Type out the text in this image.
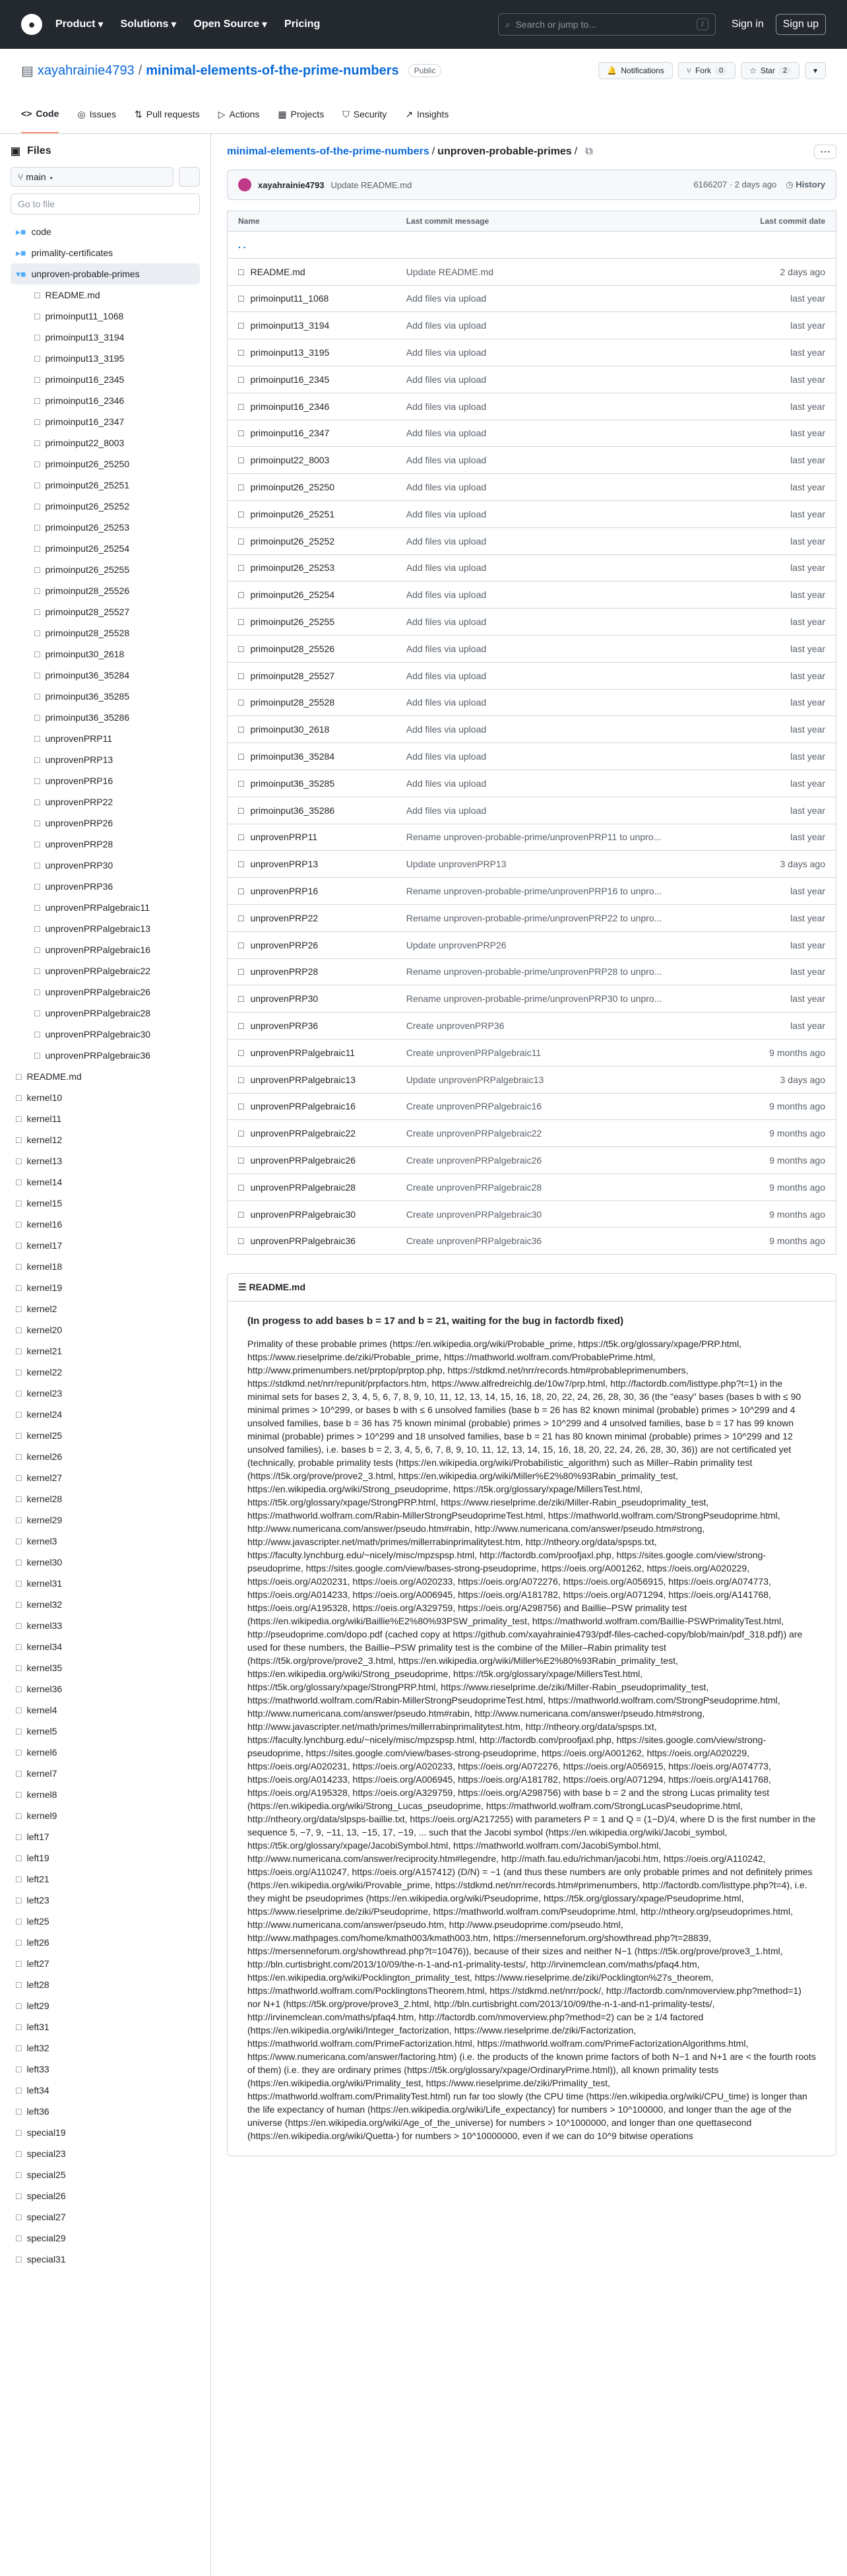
●	Product ▾ Solutions ▾ Open Source ▾ Pricing	⌕ Search or jump to...	/	Sign in	Sign up
▤ xayahrainie4793 / minimal-elements-of-the-prime-numbers	Public	🔔 Notifications	⑂ Fork	0	☆ Star	2	▾
<> Code ◎ Issues ⇅ Pull requests ▷ Actions ▦ Projects ⛉ Security ↗ Insights
▣ Files
⑂ main ▾
Go to file
▸■ code
▸■ primality-certificates
▾■ unproven-probable-primes
□ README.md
□ primoinput11_1068
□ primoinput13_3194
□ primoinput13_3195
□ primoinput16_2345
□ primoinput16_2346
□ primoinput16_2347
□ primoinput22_8003
□ primoinput26_25250
□ primoinput26_25251
□ primoinput26_25252
□ primoinput26_25253
□ primoinput26_25254
□ primoinput26_25255
□ primoinput28_25526
□ primoinput28_25527
□ primoinput28_25528
□ primoinput30_2618
□ primoinput36_35284
□ primoinput36_35285
□ primoinput36_35286
□ unprovenPRP11
□ unprovenPRP13
□ unprovenPRP16
□ unprovenPRP22
□ unprovenPRP26
□ unprovenPRP28
□ unprovenPRP30
□ unprovenPRP36
□ unprovenPRPalgebraic11
□ unprovenPRPalgebraic13
□ unprovenPRPalgebraic16
□ unprovenPRPalgebraic22
□ unprovenPRPalgebraic26
□ unprovenPRPalgebraic28
□ unprovenPRPalgebraic30
□ unprovenPRPalgebraic36
□ README.md
□ kernel10
□ kernel11
□ kernel12
□ kernel13
□ kernel14
□ kernel15
□ kernel16
□ kernel17
□ kernel18
□ kernel19
□ kernel2
□ kernel20
□ kernel21
□ kernel22
□ kernel23
□ kernel24
□ kernel25
□ kernel26
□ kernel27
□ kernel28
□ kernel29
□ kernel3
□ kernel30
□ kernel31
□ kernel32
□ kernel33
□ kernel34
□ kernel35
□ kernel36
□ kernel4
□ kernel5
□ kernel6
□ kernel7
□ kernel8
□ kernel9
□ left17
□ left19
□ left21
□ left23
□ left25
□ left26
□ left27
□ left28
□ left29
□ left31
□ left32
□ left33
□ left34
□ left36
□ special19
□ special23
□ special25
□ special26
□ special27
□ special29
□ special31
minimal-elements-of-the-prime-numbers / unproven-probable-primes / ⧉	⋯
xayahrainie4793 Update README.md	6166207 · 2 days ago ◷ History
Name	Last commit message	Last commit date
. .		
□ README.md	Update README.md	2 days ago
□ primoinput11_1068	Add files via upload	last year
□ primoinput13_3194	Add files via upload	last year
□ primoinput13_3195	Add files via upload	last year
□ primoinput16_2345	Add files via upload	last year
□ primoinput16_2346	Add files via upload	last year
□ primoinput16_2347	Add files via upload	last year
□ primoinput22_8003	Add files via upload	last year
□ primoinput26_25250	Add files via upload	last year
□ primoinput26_25251	Add files via upload	last year
□ primoinput26_25252	Add files via upload	last year
□ primoinput26_25253	Add files via upload	last year
□ primoinput26_25254	Add files via upload	last year
□ primoinput26_25255	Add files via upload	last year
□ primoinput28_25526	Add files via upload	last year
□ primoinput28_25527	Add files via upload	last year
□ primoinput28_25528	Add files via upload	last year
□ primoinput30_2618	Add files via upload	last year
□ primoinput36_35284	Add files via upload	last year
□ primoinput36_35285	Add files via upload	last year
□ primoinput36_35286	Add files via upload	last year
□ unprovenPRP11	Rename unproven-probable-prime/unprovenPRP11 to unpro...	last year
□ unprovenPRP13	Update unprovenPRP13	3 days ago
□ unprovenPRP16	Rename unproven-probable-prime/unprovenPRP16 to unpro...	last year
□ unprovenPRP22	Rename unproven-probable-prime/unprovenPRP22 to unpro...	last year
□ unprovenPRP26	Update unprovenPRP26	last year
□ unprovenPRP28	Rename unproven-probable-prime/unprovenPRP28 to unpro...	last year
□ unprovenPRP30	Rename unproven-probable-prime/unprovenPRP30 to unpro...	last year
□ unprovenPRP36	Create unprovenPRP36	last year
□ unprovenPRPalgebraic11	Create unprovenPRPalgebraic11	9 months ago
□ unprovenPRPalgebraic13	Update unprovenPRPalgebraic13	3 days ago
□ unprovenPRPalgebraic16	Create unprovenPRPalgebraic16	9 months ago
□ unprovenPRPalgebraic22	Create unprovenPRPalgebraic22	9 months ago
□ unprovenPRPalgebraic26	Create unprovenPRPalgebraic26	9 months ago
□ unprovenPRPalgebraic28	Create unprovenPRPalgebraic28	9 months ago
□ unprovenPRPalgebraic30	Create unprovenPRPalgebraic30	9 months ago
□ unprovenPRPalgebraic36	Create unprovenPRPalgebraic36	9 months ago
☰ README.md
(In progess to add bases b = 17 and b = 21, waiting for the bug in factordb fixed)

Primality of these probable primes (https://en.wikipedia.org/wiki/Probable_prime, https://t5k.org/glossary/xpage/PRP.html, https://www.rieselprime.de/ziki/Probable_prime, https://mathworld.wolfram.com/ProbablePrime.html, http://www.primenumbers.net/prptop/prptop.php, https://stdkmd.net/nrr/records.htm#probableprimenumbers, https://stdkmd.net/nrr/repunit/prpfactors.htm, https://www.alfredreichlg.de/10w7/prp.html, http://factordb.com/listtype.php?t=1) in the minimal sets for bases 2, 3, 4, 5, 6, 7, 8, 9, 10, 11, 12, 13, 14, 15, 16, 18, 20, 22, 24, 26, 28, 30, 36 (the "easy" bases (bases b with ≤ 90 minimal primes > 10^299, or bases b with ≤ 6 unsolved families (base b = 26 has 82 known minimal (probable) primes > 10^299 and 4 unsolved families, base b = 36 has 75 known minimal (probable) primes > 10^299 and 4 unsolved families, base b = 17 has 99 known minimal (probable) primes > 10^299 and 18 unsolved families, base b = 21 has 80 known minimal (probable) primes > 10^299 and 12 unsolved families), i.e. bases b = 2, 3, 4, 5, 6, 7, 8, 9, 10, 11, 12, 13, 14, 15, 16, 18, 20, 22, 24, 26, 28, 30, 36)) are not certificated yet (technically, probable primality tests (https://en.wikipedia.org/wiki/Probabilistic_algorithm) such as Miller–Rabin primality test (https://t5k.org/prove/prove2_3.html, https://en.wikipedia.org/wiki/Miller%E2%80%93Rabin_primality_test, https://en.wikipedia.org/wiki/Strong_pseudoprime, https://t5k.org/glossary/xpage/MillersTest.html, https://t5k.org/glossary/xpage/StrongPRP.html, https://www.rieselprime.de/ziki/Miller-Rabin_pseudoprimality_test, https://mathworld.wolfram.com/Rabin-MillerStrongPseudoprimeTest.html, https://mathworld.wolfram.com/StrongPseudoprime.html, http://www.numericana.com/answer/pseudo.htm#rabin, http://www.numericana.com/answer/pseudo.htm#strong, http://www.javascripter.net/math/primes/millerrabinprimalitytest.htm, http://ntheory.org/data/spsps.txt, https://faculty.lynchburg.edu/~nicely/misc/mpzspsp.html, http://factordb.com/proofjaxl.php, https://sites.google.com/view/strong-pseudoprime, https://sites.google.com/view/bases-strong-pseudoprime, https://oeis.org/A001262, https://oeis.org/A020229, https://oeis.org/A020231, https://oeis.org/A020233, https://oeis.org/A072276, https://oeis.org/A056915, https://oeis.org/A074773, https://oeis.org/A014233, https://oeis.org/A006945, https://oeis.org/A181782, https://oeis.org/A071294, https://oeis.org/A141768, https://oeis.org/A195328, https://oeis.org/A329759, https://oeis.org/A298756) and Baillie–PSW primality test (https://en.wikipedia.org/wiki/Baillie%E2%80%93PSW_primality_test, https://mathworld.wolfram.com/Baillie-PSWPrimalityTest.html, http://pseudoprime.com/dopo.pdf (cached copy at https://github.com/xayahrainie4793/pdf-files-cached-copy/blob/main/pdf_318.pdf)) are used for these numbers, the Baillie–PSW primality test is the combine of the Miller–Rabin primality test (https://t5k.org/prove/prove2_3.html, https://en.wikipedia.org/wiki/Miller%E2%80%93Rabin_primality_test, https://en.wikipedia.org/wiki/Strong_pseudoprime, https://t5k.org/glossary/xpage/MillersTest.html, https://t5k.org/glossary/xpage/StrongPRP.html, https://www.rieselprime.de/ziki/Miller-Rabin_pseudoprimality_test, https://mathworld.wolfram.com/Rabin-MillerStrongPseudoprimeTest.html, https://mathworld.wolfram.com/StrongPseudoprime.html, http://www.numericana.com/answer/pseudo.htm#rabin, http://www.numericana.com/answer/pseudo.htm#strong, http://www.javascripter.net/math/primes/millerrabinprimalitytest.htm, http://ntheory.org/data/spsps.txt, https://faculty.lynchburg.edu/~nicely/misc/mpzspsp.html, http://factordb.com/proofjaxl.php, https://sites.google.com/view/strong-pseudoprime, https://sites.google.com/view/bases-strong-pseudoprime, https://oeis.org/A001262, https://oeis.org/A020229, https://oeis.org/A020231, https://oeis.org/A020233, https://oeis.org/A072276, https://oeis.org/A056915, https://oeis.org/A074773, https://oeis.org/A014233, https://oeis.org/A006945, https://oeis.org/A181782, https://oeis.org/A071294, https://oeis.org/A141768, https://oeis.org/A195328, https://oeis.org/A329759, https://oeis.org/A298756) with base b = 2 and the strong Lucas primality test (https://en.wikipedia.org/wiki/Strong_Lucas_pseudoprime, https://mathworld.wolfram.com/StrongLucasPseudoprime.html, http://ntheory.org/data/slpsps-baillie.txt, https://oeis.org/A217255) with parameters P = 1 and Q = (1−D)/4, where D is the first number in the sequence 5, −7, 9, −11, 13, −15, 17, −19, ... such that the Jacobi symbol (https://en.wikipedia.org/wiki/Jacobi_symbol, https://t5k.org/glossary/xpage/JacobiSymbol.html, https://mathworld.wolfram.com/JacobiSymbol.html, http://www.numericana.com/answer/reciprocity.htm#legendre, http://math.fau.edu/richman/jacobi.htm, https://oeis.org/A110242, https://oeis.org/A110247, https://oeis.org/A157412) (D/N) = −1 (and thus these numbers are only probable primes and not definitely primes (https://en.wikipedia.org/wiki/Provable_prime, https://stdkmd.net/nrr/records.htm#primenumbers, http://factordb.com/listtype.php?t=4), i.e. they might be pseudoprimes (https://en.wikipedia.org/wiki/Pseudoprime, https://t5k.org/glossary/xpage/Pseudoprime.html, https://www.rieselprime.de/ziki/Pseudoprime, https://mathworld.wolfram.com/Pseudoprime.html, http://ntheory.org/pseudoprimes.html, http://www.numericana.com/answer/pseudo.htm, http://www.pseudoprime.com/pseudo.html, http://www.mathpages.com/home/kmath003/kmath003.htm, https://mersenneforum.org/showthread.php?t=28839, https://mersenneforum.org/showthread.php?t=10476)), because of their sizes and neither N−1 (https://t5k.org/prove/prove3_1.html, http://bln.curtisbright.com/2013/10/09/the-n-1-and-n1-primality-tests/, http://irvinemclean.com/maths/pfaq4.htm, https://en.wikipedia.org/wiki/Pocklington_primality_test, https://www.rieselprime.de/ziki/Pocklington%27s_theorem, https://mathworld.wolfram.com/PocklingtonsTheorem.html, https://stdkmd.net/nrr/pock/, http://factordb.com/nmoverview.php?method=1) nor N+1 (https://t5k.org/prove/prove3_2.html, http://bln.curtisbright.com/2013/10/09/the-n-1-and-n1-primality-tests/, http://irvinemclean.com/maths/pfaq4.htm, http://factordb.com/nmoverview.php?method=2) can be ≥ 1/4 factored (https://en.wikipedia.org/wiki/Integer_factorization, https://www.rieselprime.de/ziki/Factorization, https://mathworld.wolfram.com/PrimeFactorization.html, https://mathworld.wolfram.com/PrimeFactorizationAlgorithms.html, https://www.numericana.com/answer/factoring.htm) (i.e. the products of the known prime factors of both N−1 and N+1 are < the fourth roots of them) (i.e. they are ordinary primes (https://t5k.org/glossary/xpage/OrdinaryPrime.html)), all known primality tests (https://en.wikipedia.org/wiki/Primality_test, https://www.rieselprime.de/ziki/Primality_test, https://mathworld.wolfram.com/PrimalityTest.html) run far too slowly (the CPU time (https://en.wikipedia.org/wiki/CPU_time) is longer than the life expectancy of human (https://en.wikipedia.org/wiki/Life_expectancy) for numbers > 10^100000, and longer than the age of the universe (https://en.wikipedia.org/wiki/Age_of_the_universe) for numbers > 10^1000000, and longer than one quettasecond (https://en.wikipedia.org/wiki/Quetta-) for numbers > 10^10000000, even if we can do 10^9 bitwise operations
